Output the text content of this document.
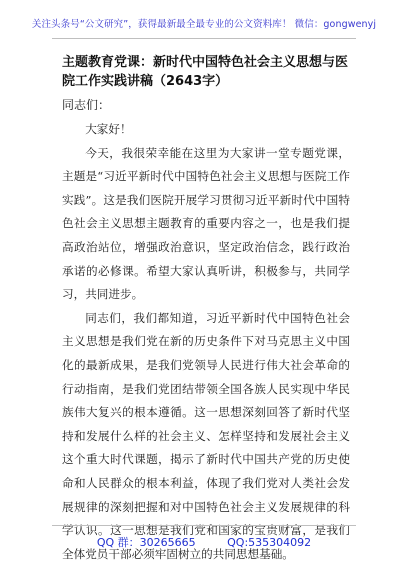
关注头条号“公文研究”，获得最新最全最专业的公文资料库！ 微信：gongwenyj
主题教育党课：新时代中国特色社会主义思想与医院工作实践讲稿（2643字）
同志们：

大家好！

今天，我很荣幸能在这里为大家讲一堂专题党课，主题是“习近平新时代中国特色社会主义思想与医院工作实践”。这是我们医院开展学习贯彻习近平新时代中国特色社会主义思想主题教育的重要内容之一，也是我们提高政治站位，增强政治意识，坚定政治信念，践行政治承诺的必修课。希望大家认真听讲，积极参与，共同学习，共同进步。

同志们，我们都知道，习近平新时代中国特色社会主义思想是我们党在新的历史条件下对马克思主义中国化的最新成果，是我们党领导人民进行伟大社会革命的行动指南，是我们党团结带领全国各族人民实现中华民族伟大复兴的根本遵循。这一思想深刻回答了新时代坚持和发展什么样的社会主义、怎样坚持和发展社会主义这个重大时代课题，揭示了新时代中国共产党的历史使命和人民群众的根本利益，体现了我们党对人类社会发展规律的深刻把握和对中国特色社会主义发展规律的科学认识。这一思想是我们党和国家的宝贵财富，是我们全体党员干部必须牢固树立的共同思想基础。

QQ 群：30265665	QQ:535304092
